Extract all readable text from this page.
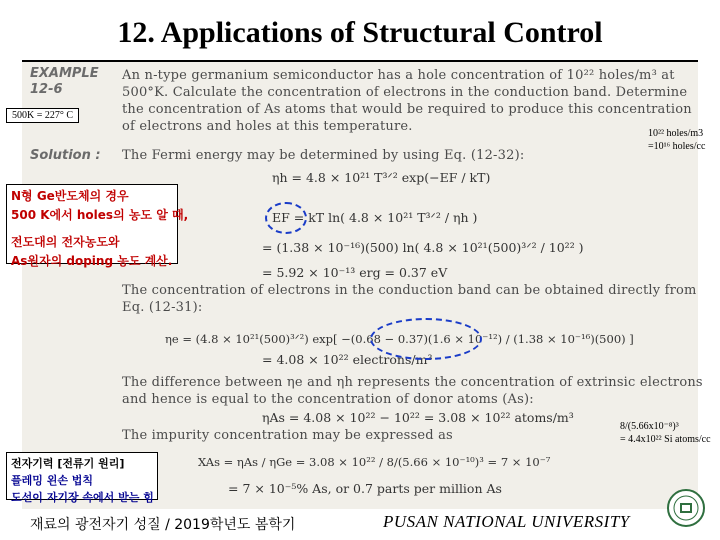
12. Applications of Structural Control
EXAMPLE
12-6
An n-type germanium semiconductor has a hole concentration of 10²² holes/m³ at
500°K. Calculate the concentration of electrons in the conduction band. Determine
the concentration of As atoms that would be required to produce this concentration
of electrons and holes at this temperature.
500K = 227° C
Solution : The Fermi energy may be determined by using Eq. (12-32):
10²² holes/m3
=10¹⁶ holes/cc
ηh = 4.8 × 10²¹ T³ᐟ² exp(−EF / kT)
EF = kT ln( 4.8 × 10²¹ T³ᐟ² / ηh )
= (1.38 × 10⁻¹⁶)(500) ln( 4.8 × 10²¹(500)³ᐟ² / 10²² )
= 5.92 × 10⁻¹³ erg = 0.37 eV
N형 Ge반도체의 경우
500 K에서 holes의 농도 알 때,
전도대의 전자농도와
As원자의 doping 농도 계산.
The concentration of electrons in the conduction band can be obtained directly from
Eq. (12-31):
ηe = (4.8 × 10²¹(500)³ᐟ²) exp[ −(0.68 − 0.37)(1.6 × 10⁻¹²) / (1.38 × 10⁻¹⁶)(500) ]
= 4.08 × 10²² electrons/m³
The difference between ηe and ηh represents the concentration of extrinsic electrons
and hence is equal to the concentration of donor atoms (As):
ηAs = 4.08 × 10²² − 10²² = 3.08 × 10²² atoms/m³
8/(5.66x10⁻⁸)³
= 4.4x10²² Si atoms/cc
The impurity concentration may be expressed as
XAs = ηAs / ηGe = 3.08 × 10²² / 8/(5.66 × 10⁻¹⁰)³ = 7 × 10⁻⁷
= 7 × 10⁻⁵% As, or 0.7 parts per million As
전자기력 [전류기 원리]
플레밍 왼손 법칙
도선이 자기장 속에서 받는 힘
재료의 광전자기 성질 / 2019학년도 봄학기	PUSAN NATIONAL UNIVERSITY
